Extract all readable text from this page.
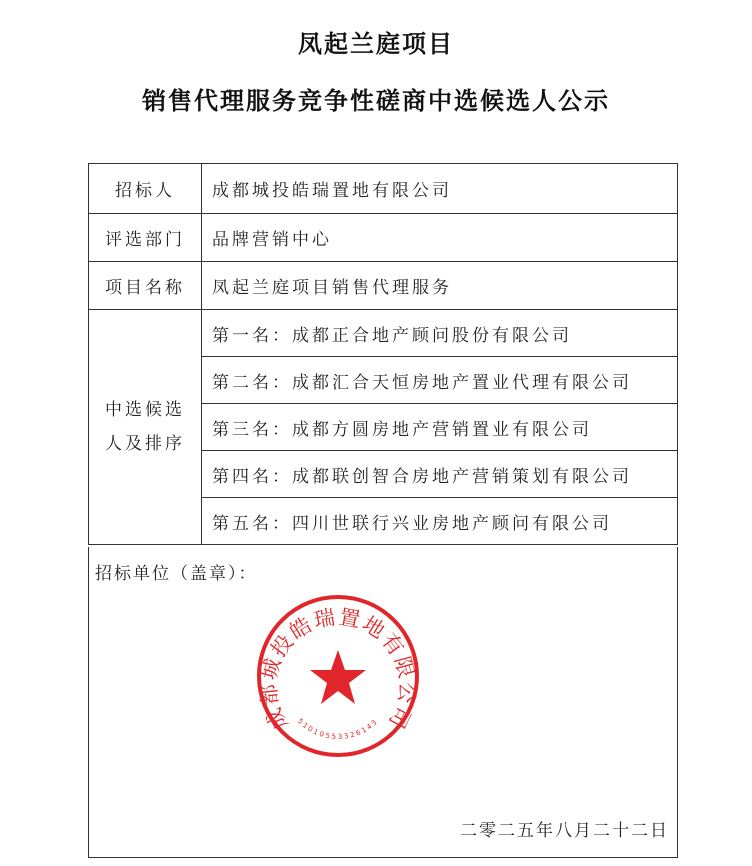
凤起兰庭项目
销售代理服务竞争性磋商中选候选人公示
招标人	成都城投皓瑞置地有限公司
评选部门	品牌营销中心
项目名称	凤起兰庭项目销售代理服务

中选候选
人及排序	第一名：成都正合地产顾问股份有限公司
	第二名：成都汇合天恒房地产置业代理有限公司
	第三名：成都方圆房地产营销置业有限公司
	第四名：成都联创智合房地产营销策划有限公司
	第五名：四川世联行兴业房地产顾问有限公司
招标单位（盖章）：
成都城投皓瑞置地有限公司
51010553326143
二零二五年八月二十二日
